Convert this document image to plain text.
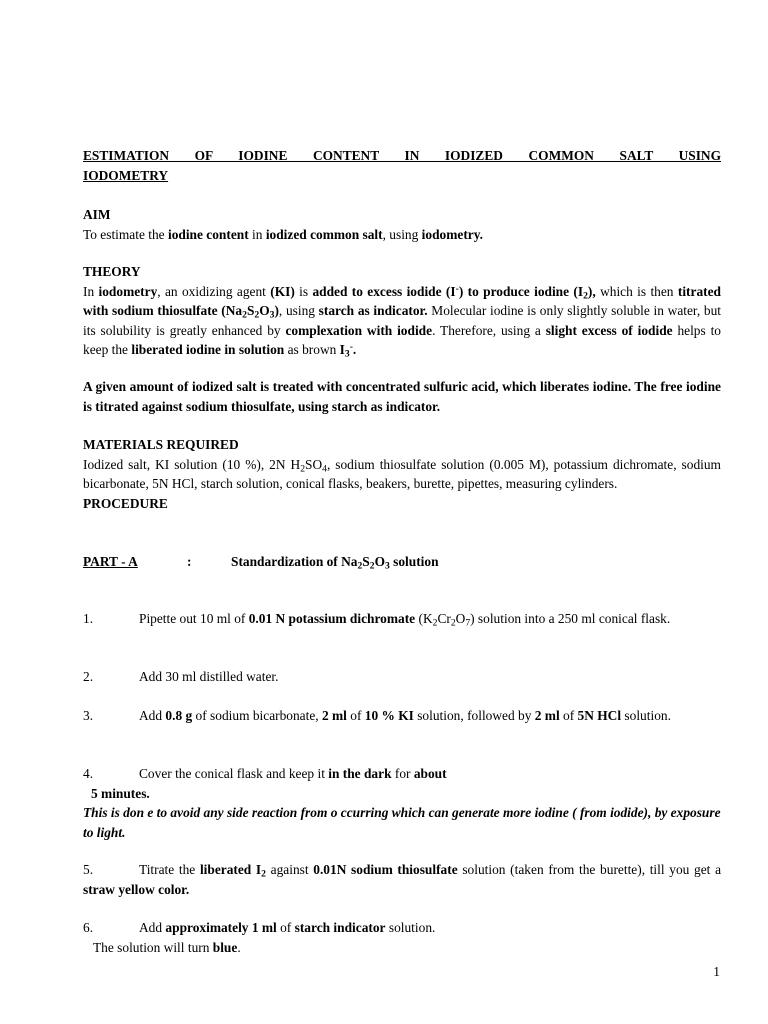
ESTIMATION OF IODINE CONTENT IN IODIZED COMMON SALT USING
IODOMETRY
AIM
To estimate the iodine content in iodized common salt, using iodometry.
THEORY
In iodometry, an oxidizing agent (KI) is added to excess iodide (I-) to produce iodine $(I_2)$, which is then titrated with sodium thiosulfate $(Na_2S_2O_3)$, using starch as indicator. Molecular iodine is only slightly soluble in water, but its solubility is greatly enhanced by complexation with iodide. Therefore, using a slight excess of iodide helps to keep the liberated iodine in solution as brown $I_3^-$.
A given amount of iodized salt is treated with concentrated sulfuric acid, which liberates iodine. The free iodine is titrated against sodium thiosulfate, using starch as indicator.
MATERIALS REQUIRED
Iodized salt, KI solution (10 %), 2N $H_2SO_4$, sodium thiosulfate solution (0.005 M), potassium dichromate, sodium bicarbonate, 5N HCl, starch solution, conical flasks, beakers, burette, pipettes, measuring cylinders.
PROCEDURE
PART - A	:	Standardization of $Na_2S_2O_3$ solution
1.	Pipette out 10 ml of 0.01 N potassium dichromate $(K_2Cr_2O_7)$ solution into a 250 ml conical flask.
2.	Add 30 ml distilled water.
3.	Add 0.8 g of sodium bicarbonate, 2 ml of 10 % KI solution, followed by 2 ml of 5N HCl solution.
4.	Cover the conical flask and keep it in the dark for about
5 minutes.
This is don e to avoid any side reaction from o ccurring which can generate more iodine ( from iodide), by exposure to light.
5.	Titrate the liberated $I_2$ against 0.01N sodium thiosulfate solution (taken from the burette), till you get a straw yellow color.
6.	Add approximately 1 ml of starch indicator solution.
The solution will turn blue.
1
